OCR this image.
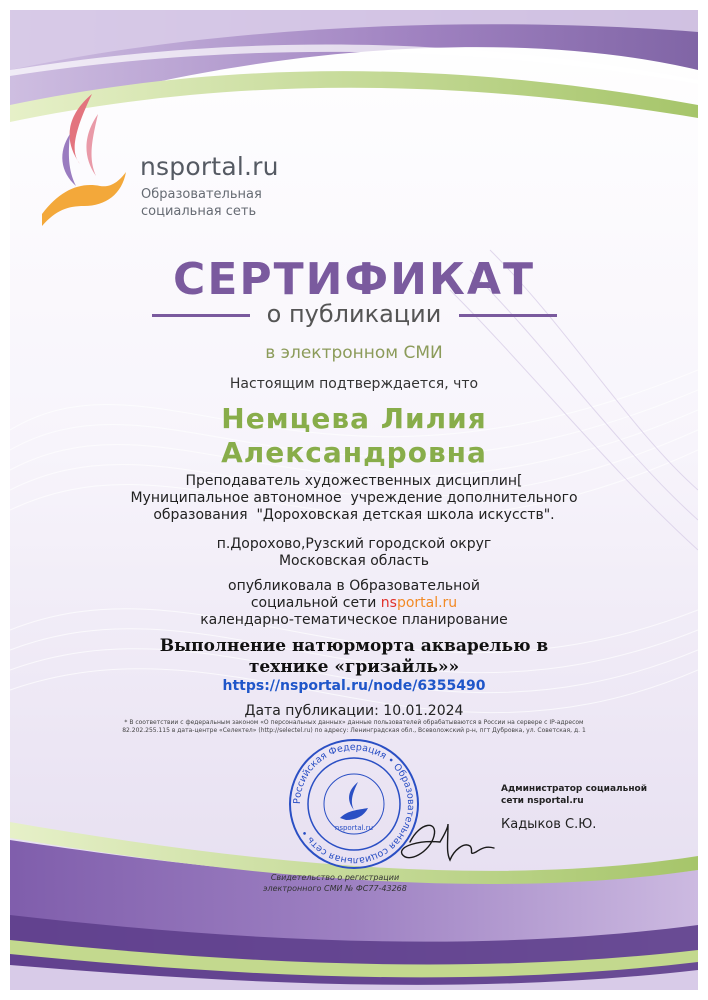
nsportal.ru
Образовательная
социальная сеть
СЕРТИФИКАТ
о публикации
в электронном СМИ
Настоящим подтверждается, что
Немцева Лилия
Александровна
Преподаватель художественных дисциплин[
Муниципальное автономное  учреждение дополнительного
образования  "Дороховская детская школа искусств".
п.Дорохово,Рузский городской округ
Московская область
опубликовала в Образовательной
социальной сети nsportal.ru
календарно-тематическое планирование
Выполнение натюрморта акварелью в
технике «гризайль»»
https://nsportal.ru/node/6355490
Дата публикации: 10.01.2024
* В соответствии с федеральным законом «О персональных данных» данные пользователей обрабатываются в России на сервере с IP-адресом
82.202.255.115 в дата-центре «Селектел» (http://selectel.ru) по адресу: Ленинградская обл., Всеволожский р-н, пгт Дубровка, ул. Советская, д. 1
Российская Федерация • Образовательная социальная сеть •	nsportal.ru
Администратор социальной
сети nsportal.ru
Кадыков С.Ю.
Свидетельство о регистрации
электронного СМИ № ФС77-43268
